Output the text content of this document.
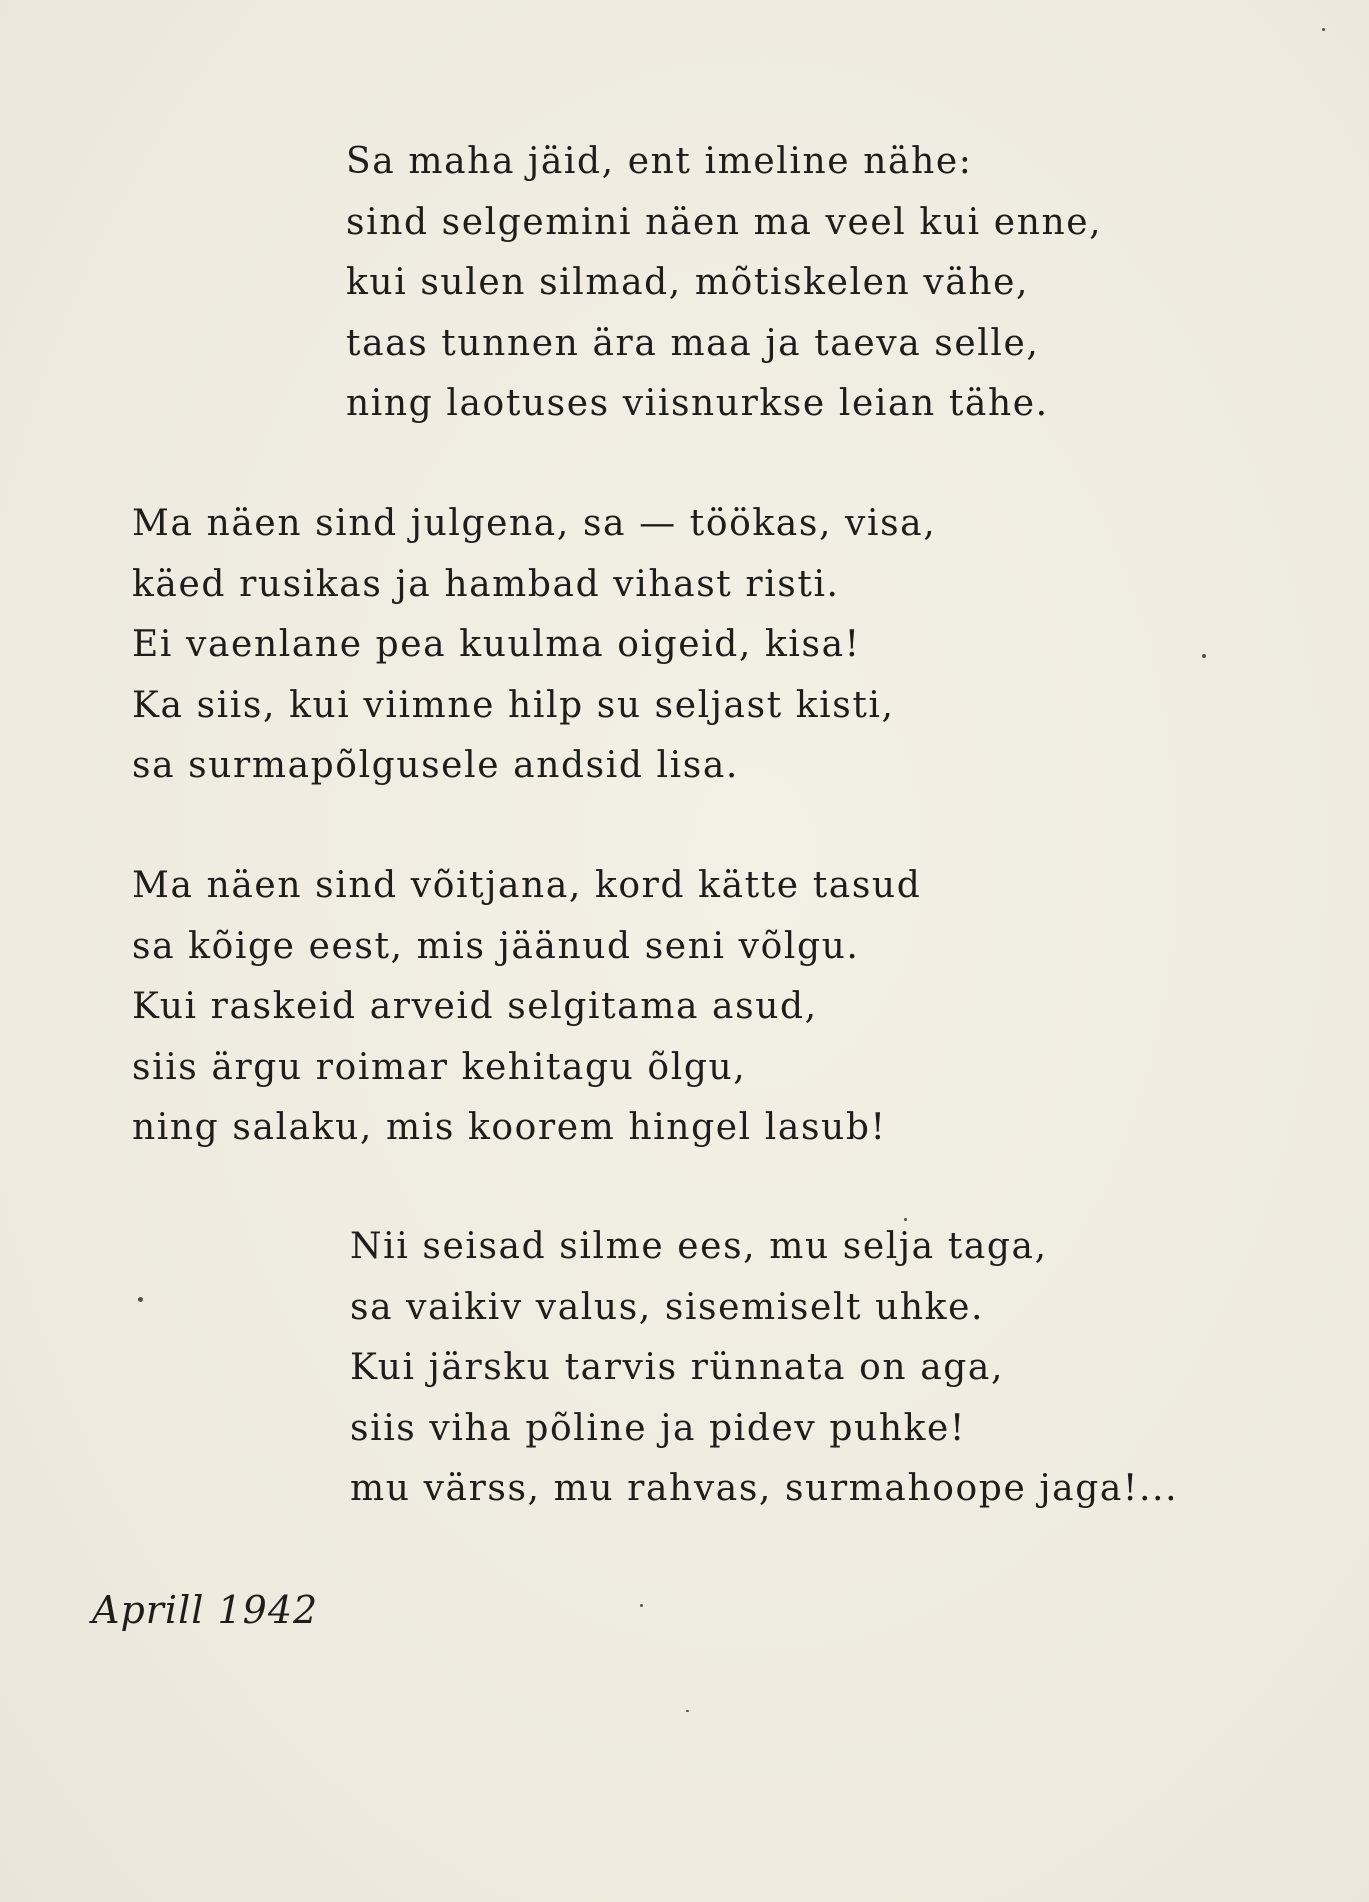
Sa maha jäid, ent imeline nähe:
sind selgemini näen ma veel kui enne,
kui sulen silmad, mõtiskelen vähe,
taas tunnen ära maa ja taeva selle,
ning laotuses viisnurkse leian tähe.
Ma näen sind julgena, sa — töökas, visa,
käed rusikas ja hambad vihast risti.
Ei vaenlane pea kuulma oigeid, kisa!
Ka siis, kui viimne hilp su seljast kisti,
sa surmapõlgusele andsid lisa.
Ma näen sind võitjana, kord kätte tasud
sa kõige eest, mis jäänud seni võlgu.
Kui raskeid arveid selgitama asud,
siis ärgu roimar kehitagu õlgu,
ning salaku, mis koorem hingel lasub!
Nii seisad silme ees, mu selja taga,
sa vaikiv valus, sisemiselt uhke.
Kui järsku tarvis rünnata on aga,
siis viha põline ja pidev puhke!
mu värss, mu rahvas, surmahoope jaga!...
Aprill 1942
